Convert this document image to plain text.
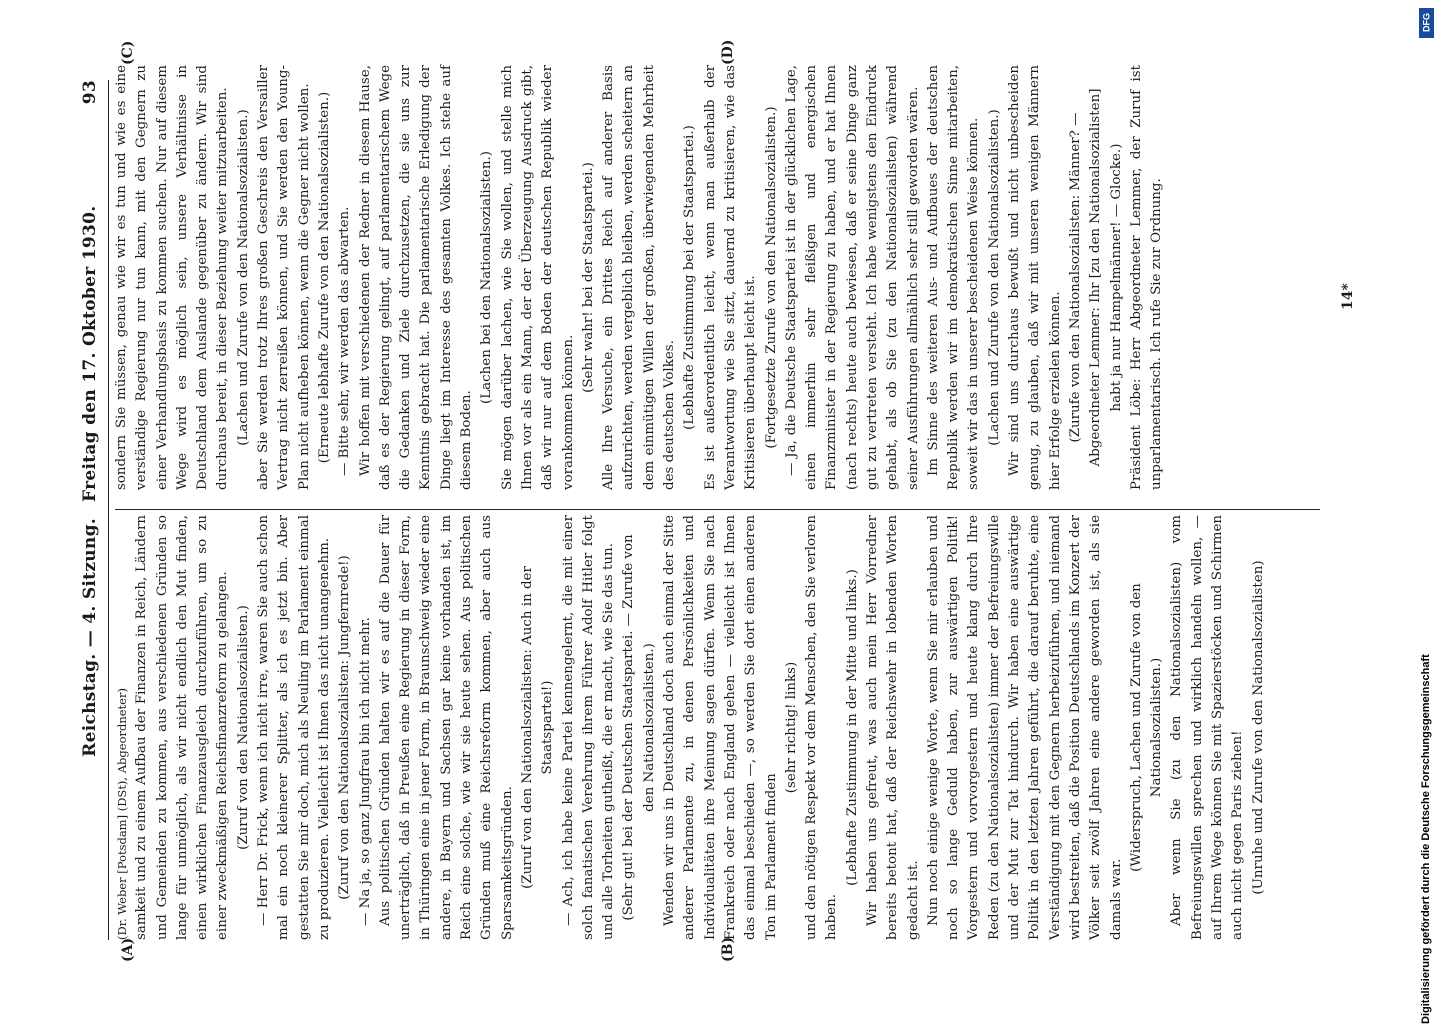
Reichstag. — 4. Sitzung.
Freitag den 17. Oktober 1930.
93
(A)	(B)
(C)	(D)

(Dr. Weber [Potsdam] (DSt), Abgeordneter) samkeit und zu einem Aufbau der Finanzen in Reich, Ländern und Gemeinden zu kommen, aus verschiedenen Gründen so lange für unmöglich, als wir nicht endlich den Mut finden, einen wirklichen Finanzausgleich durchzuführen, um so zu einer zweckmäßigen Reichsfinanzreform zu gelangen. (Zuruf von den Nationalsozialisten.) — Herr Dr. Frick, wenn ich nicht irre, waren Sie auch schon mal ein noch kleinerer Splitter, als ich es jetzt bin. Aber gestatten Sie mir doch, mich als Neuling im Parlament einmal zu produzieren. Vielleicht ist Ihnen das nicht unangenehm. (Zuruf von den Nationalsozialisten: Jungfernrede!) — Na ja, so ganz Jungfrau bin ich nicht mehr. Aus politischen Gründen halten wir es auf die Dauer für unerträglich, daß in Preußen eine Regierung in dieser Form, in Thüringen eine in jener Form, in Braunschweig wieder eine andere, in Bayern und Sachsen gar keine vorhanden ist, im Reich eine solche, wie wir sie heute sehen. Aus politischen Gründen muß eine Reichsreform kommen, aber auch aus Sparsamkeitsgründen. (Zuruf von den Nationalsozialisten: Auch in der Staatspartei!) — Ach, ich habe keine Partei kennengelernt, die mit einer solch fanatischen Verehrung ihrem Führer Adolf Hitler folgt und alle Torheiten gutheißt, die er macht, wie Sie das tun. (Sehr gut! bei der Deutschen Staatspartei. — Zurufe von den Nationalsozialisten.) Wenden wir uns in Deutschland doch auch einmal der Sitte anderer Parlamente zu, in denen Persönlichkeiten und Individualitäten ihre Meinung sagen dürfen. Wenn Sie nach Frankreich oder nach England gehen — vielleicht ist Ihnen das einmal beschieden —, so werden Sie dort einen anderen Ton im Parlament finden

(sehr richtig! links) und den nötigen Respekt vor dem Menschen, den Sie verloren haben.

(Lebhafte Zustimmung in der Mitte und links.) Wir haben uns gefreut, was auch mein Herr Vorredner bereits betont hat, daß der Reichswehr in lobenden Worten gedacht ist. Nun noch einige wenige Worte, wenn Sie mir erlauben und noch so lange Geduld haben, zur auswärtigen Politik! Vorgestern und vorvorgestern und heute klang durch Ihre Reden (zu den Nationalsozialisten) immer der Befreiungswille und der Mut zur Tat hindurch. Wir haben eine auswärtige Politik in den letzten Jahren geführt, die darauf beruhte, eine Verständigung mit den Gegnern herbeizuführen, und niemand wird bestreiten, daß die Position Deutschlands im Konzert der Völker seit zwölf Jahren eine andere geworden ist, als sie damals war.

(Widerspruch, Lachen und Zurufe von den Nationalsozialisten.) Aber wenn Sie (zu den Nationalsozialisten) vom Befreiungswillen sprechen und wirklich handeln wollen, — auf Ihrem Wege können Sie mit Spazierstöcken und Schirmen auch nicht gegen Paris ziehen! (Unruhe und Zurufe von den Nationalsozialisten)

sondern Sie müssen, genau wie wir es tun und wie es eine verständige Regierung nur tun kann, mit den Gegnern zu einer Verhandlungsbasis zu kommen suchen. Nur auf diesem Wege wird es möglich sein, unsere Verhältnisse in Deutschland dem Auslande gegenüber zu ändern. Wir sind durchaus bereit, in dieser Beziehung weiter mitzuarbeiten. (Lachen und Zurufe von den Nationalsozialisten.) aber Sie werden trotz Ihres großen Geschreis den Versailler Vertrag nicht zerreißen können, und Sie werden den Young-Plan nicht aufheben können, wenn die Gegner nicht wollen. (Erneute lebhafte Zurufe von den Nationalsozialisten.) — Bitte sehr, wir werden das abwarten. Wir hoffen mit verschiedenen der Redner in diesem Hause, daß es der Regierung gelingt, auf parlamentarischem Wege die Gedanken und Ziele durchzusetzen, die sie uns zur Kenntnis gebracht hat. Die parlamentarische Erledigung der Dinge liegt im Interesse des gesamten Volkes. Ich stehe auf diesem Boden.

(Lachen bei den Nationalsozialisten.) Sie mögen darüber lachen, wie Sie wollen, und stelle mich Ihnen vor als ein Mann, der der Überzeugung Ausdruck gibt, daß wir nur auf dem Boden der deutschen Republik wieder vorankommen können.

(Sehr wahr! bei der Staatspartei.) Alle Ihre Versuche, ein Drittes Reich auf anderer Basis aufzurichten, werden vergeblich bleiben, werden scheitern an dem einmütigen Willen der großen, überwiegenden Mehrheit des deutschen Volkes. (Lebhafte Zustimmung bei der Staatspartei.) Es ist außerordentlich leicht, wenn man außerhalb der Verantwortung wie Sie sitzt, dauernd zu kritisieren, wie das Kritisieren überhaupt leicht ist. (Fortgesetzte Zurufe von den Nationalsozialisten.) — Ja, die Deutsche Staatspartei ist in der glücklichen Lage, einen immerhin sehr fleißigen und energischen Finanzminister in der Regierung zu haben, und er hat Ihnen (nach rechts) heute auch bewiesen, daß er seine Dinge ganz gut zu vertreten versteht. Ich habe wenigstens den Eindruck gehabt, als ob Sie (zu den Nationalsozialisten) während seiner Ausführungen allmählich sehr still geworden wären. Im Sinne des weiteren Aus- und Aufbaues der deutschen Republik werden wir im demokratischen Sinne mitarbeiten, soweit wir das in unserer bescheidenen Weise können. (Lachen und Zurufe von den Nationalsozialisten.) Wir sind uns durchaus bewußt und nicht unbescheiden genug, zu glauben, daß wir mit unseren wenigen Männern hier Erfolge erzielen können. (Zurufe von den Nationalsozialisten: Männer? — Abgeordneter Lemmer: Ihr [zu den Nationalsozialisten] habt ja nur Hampelmänner! — Glocke.) Präsident Löbe: Herr Abgeordneter Lemmer, der Zuruf ist unparlamentarisch. Ich rufe Sie zur Ordnung.	14*
DFG
Digitalisierung gefördert durch die Deutsche Forschungsgemeinschaft
